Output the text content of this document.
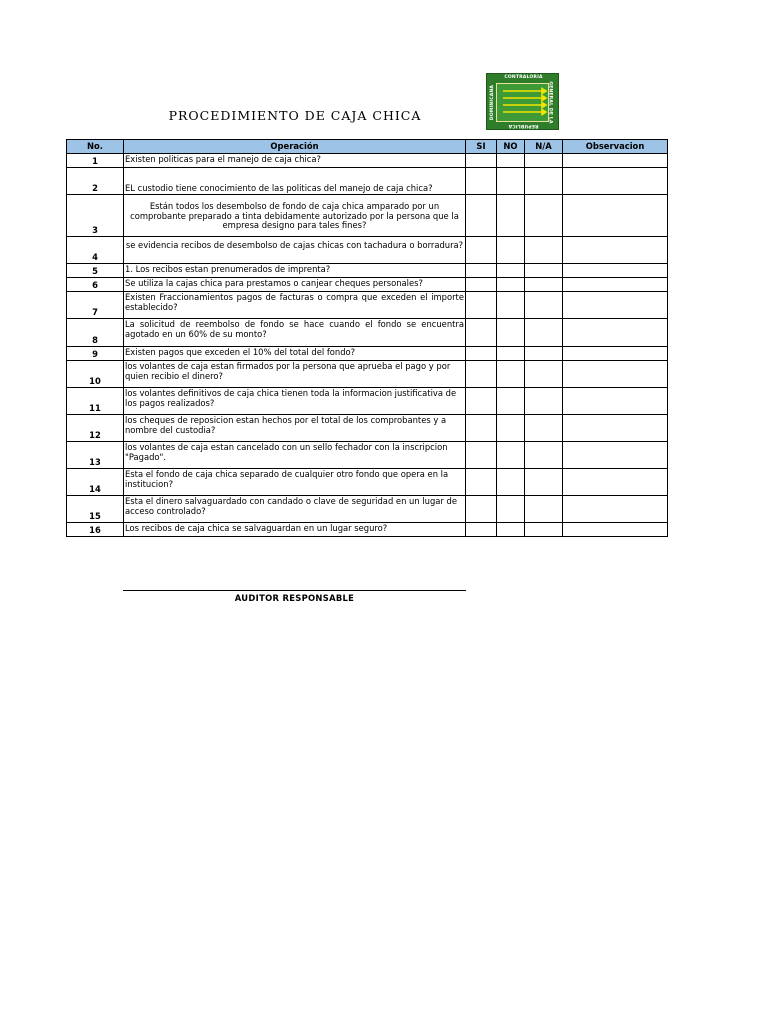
PROCEDIMIENTO DE CAJA CHICA
CONTRALORIA
GENERAL DE LA
REPUBLICA
DOMINICANA
No.	Operación	SI	NO	N/A	Observacion
1	Existen politicas para el manejo de caja chica?				
2	EL custodio tiene conocimiento de las politicas del manejo de caja chica?				
3	Están todos los desembolso de fondo de caja chica amparado por un comprobante preparado a tinta debidamente autorizado por la persona que la empresa designo para tales fines?				
4	se evidencia recibos de desembolso de cajas chicas con tachadura o borradura?				
5	1. Los recibos estan prenumerados de imprenta?				
6	Se utiliza la cajas chica para prestamos o canjear cheques personales?				
7	Existen Fraccionamientos pagos de facturas o compra que exceden el importe establecido?				
8	La solicitud de reembolso de fondo se hace cuando el fondo se encuentra agotado en un 60% de su monto?				
9	Existen pagos que exceden el 10% del total del fondo?				
10	los volantes de caja estan firmados por la persona que aprueba el pago y por quien recibio el dinero?				
11	los volantes definitivos de caja chica tienen toda la informacion justificativa de los pagos realizados?				
12	los cheques de reposicion estan hechos por el total de los comprobantes y a nombre del custodia?				
13	los volantes de caja estan cancelado con un sello fechador con la inscripcion "Pagado".				
14	Esta el fondo de caja chica separado de cualquier otro fondo que opera en la institucion?				
15	Esta el dinero salvaguardado con candado o clave de seguridad en un lugar de acceso controlado?				
16	Los recibos de caja chica se salvaguardan en un lugar seguro?				
AUDITOR RESPONSABLE
